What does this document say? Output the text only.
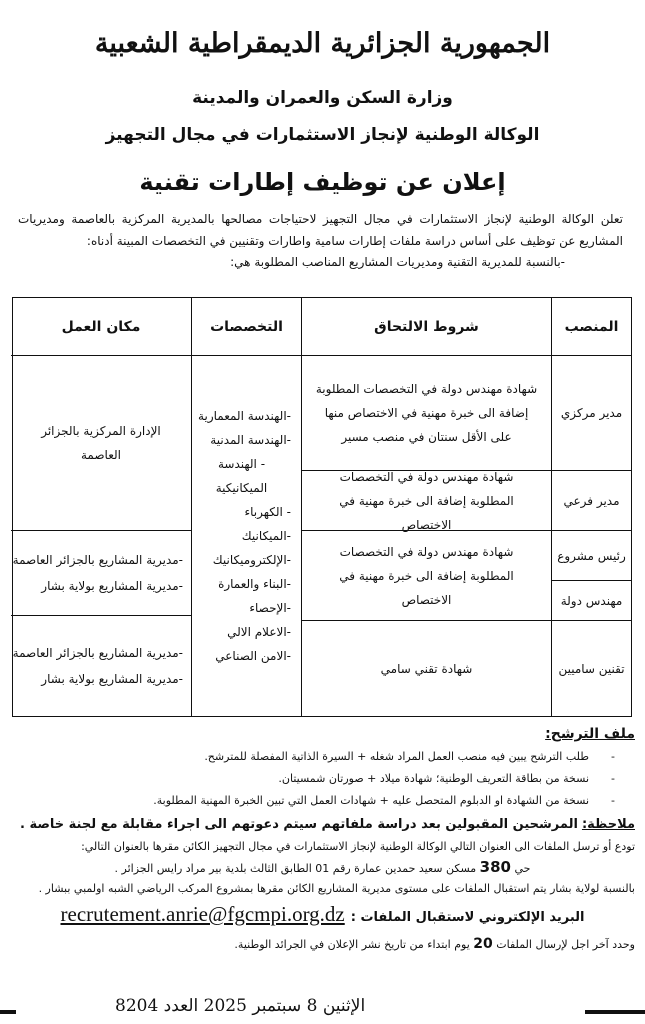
الجمهورية الجزائرية الديمقراطية الشعبية
وزارة السكن والعمران والمدينة
الوكالة الوطنية لإنجاز الاستثمارات في مجال التجهيز
إعلان عن توظيف إطارات تقنية
تعلن الوكالة الوطنية لإنجاز الاستثمارات في مجال التجهيز لاحتياجات مصالحها بالمديرية المركزية بالعاصمة ومديريات المشاريع عن توظيف على أساس دراسة ملفات إطارات سامية واطارات وتقنيين في التخصصات المبينة أدناه:
-بالنسبة للمديرية التقنية ومديريات المشاريع المناصب المطلوبة هي:
المنصب
شروط الالتحاق
التخصصات
مكان العمل
مدير مركزي
مدير فرعي
رئيس مشروع
مهندس دولة
تقنين ساميين
شهادة مهندس دولة في التخصصات المطلوبة إضافة الى خبرة مهنية في الاختصاص منها على الأقل سنتان في منصب مسير
شهادة مهندس دولة في التخصصات المطلوبة إضافة الى خبرة مهنية في الاختصاص
شهادة مهندس دولة في التخصصات المطلوبة إضافة الى خبرة مهنية في الاختصاص
شهادة تقني سامي
-الهندسة المعمارية
-الهندسة المدنية
- الهندسة الميكانيكية
- الكهرباء
-الميكانيك
-الإلكتروميكانيك
-البناء والعمارة
-الإحصاء
-الاعلام الالي
-الامن الصناعي
الإدارة المركزية بالجزائر العاصمة
-مديرية المشاريع بالجزائر العاصمة
-مديرية المشاريع بولاية بشار
-مديرية المشاريع بالجزائر العاصمة
-مديرية المشاريع بولاية بشار
ملف الترشح:
-طلب الترشح يبين فيه منصب العمل المراد شغله + السيرة الذاتية المفصلة للمترشح.
-نسخة من بطاقة التعريف الوطنية؛ شهادة ميلاد + صورتان شمسيتان.
-نسخة من الشهادة او الدبلوم المتحصل عليه + شهادات العمل التي تبين الخبرة المهنية المطلوبة.
ملاحظة:المرشحين المقبولين بعد دراسة ملفاتهم سيتم دعوتهم الى اجراء مقابلة مع لجنة خاصة .
تودع أو ترسل الملفات الى العنوان التالي الوكالة الوطنية لإنجاز الاستثمارات في مجال التجهيز الكائن مقرها بالعنوان التالي:
حي 380 مسكن سعيد حمدين عمارة رقم 01 الطابق الثالث بلدية بير مراد رايس الجزائر .
بالنسبة لولاية بشار يتم استقبال الملفات على مستوى مديرية المشاريع الكائن مقرها بمشروع المركب الرياضي الشبه اولمبي ببشار .
البريد الإلكتروني لاستقبال الملفات :
recrutement.anrie@fgcmpi.org.dz
وحدد آخر اجل لإرسال الملفات 20 يوم ابتداء من تاريخ نشر الإعلان في الجرائد الوطنية.
الإثنين 8 سبتمبر 2025 العدد 8204
